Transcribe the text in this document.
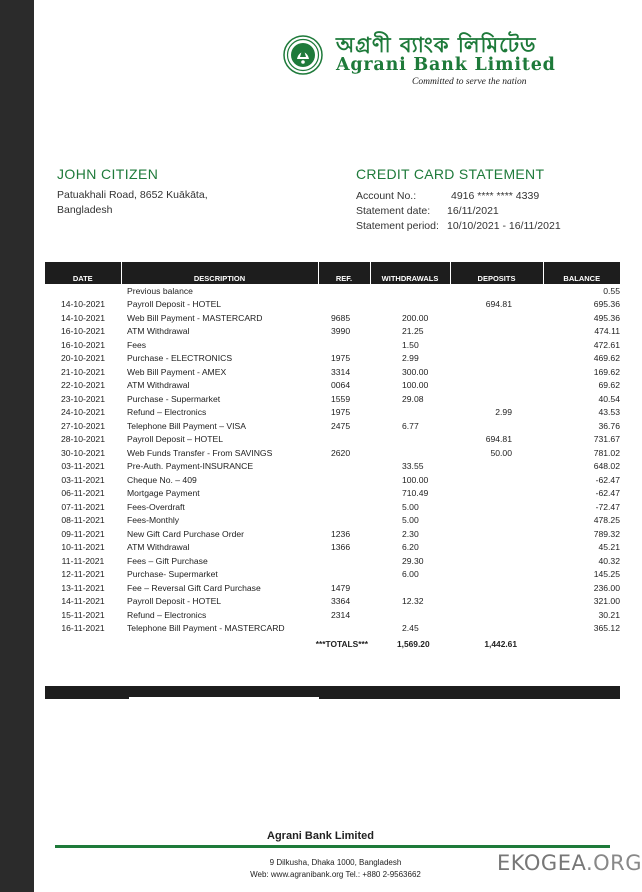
অগ্রণী ব্যাংক লিমিটেড
Agrani Bank Limited
Committed to serve the nation
JOHN CITIZEN
Patuakhali Road, 8652 Kuākāta,
Bangladesh
CREDIT CARD STATEMENT
Account No.:	4916 **** **** 4339
Statement date: 16/11/2021
Statement period: 10/10/2021 - 16/11/2021
DATE	DESCRIPTION	REF.	WITHDRAWALS	DEPOSITS	BALANCE
	Previous balance				0.55
14-10-2021	Payroll Deposit - HOTEL			694.81	695.36
14-10-2021	Web Bill Payment - MASTERCARD	9685	200.00		495.36
16-10-2021	ATM Withdrawal	3990	21.25		474.11
16-10-2021	Fees		1.50		472.61
20-10-2021	Purchase - ELECTRONICS	1975	2.99		469.62
21-10-2021	Web Bill Payment - AMEX	3314	300.00		169.62
22-10-2021	ATM Withdrawal	0064	100.00		69.62
23-10-2021	Purchase - Supermarket	1559	29.08		40.54
24-10-2021	Refund – Electronics	1975		2.99	43.53
27-10-2021	Telephone Bill Payment – VISA	2475	6.77		36.76
28-10-2021	Payroll Deposit – HOTEL			694.81	731.67
30-10-2021	Web Funds Transfer - From SAVINGS	2620		50.00	781.02
03-11-2021	Pre-Auth. Payment-INSURANCE		33.55		648.02
03-11-2021	Cheque No. – 409		100.00		-62.47
06-11-2021	Mortgage Payment		710.49		-62.47
07-11-2021	Fees-Overdraft		5.00		-72.47
08-11-2021	Fees-Monthly		5.00		478.25
09-11-2021	New Gift Card Purchase Order	1236	2.30		789.32
10-11-2021	ATM Withdrawal	1366	6.20		45.21
11-11-2021	Fees – Gift Purchase		29.30		40.32
12-11-2021	Purchase- Supermarket		6.00		145.25
13-11-2021	Fee – Reversal Gift Card Purchase	1479			236.00
14-11-2021	Payroll Deposit - HOTEL	3364	12.32		321.00
15-11-2021	Refund – Electronics	2314			30.21
16-11-2021	Telephone Bill Payment - MASTERCARD		2.45		365.12
	***TOTALS***		1,569.20	1,442.61	
Agrani Bank Limited
9 Dilkusha, Dhaka 1000, Bangladesh
Web: www.agranibank.org Tel.: +880 2-9563662	EKOGEA.ORG
